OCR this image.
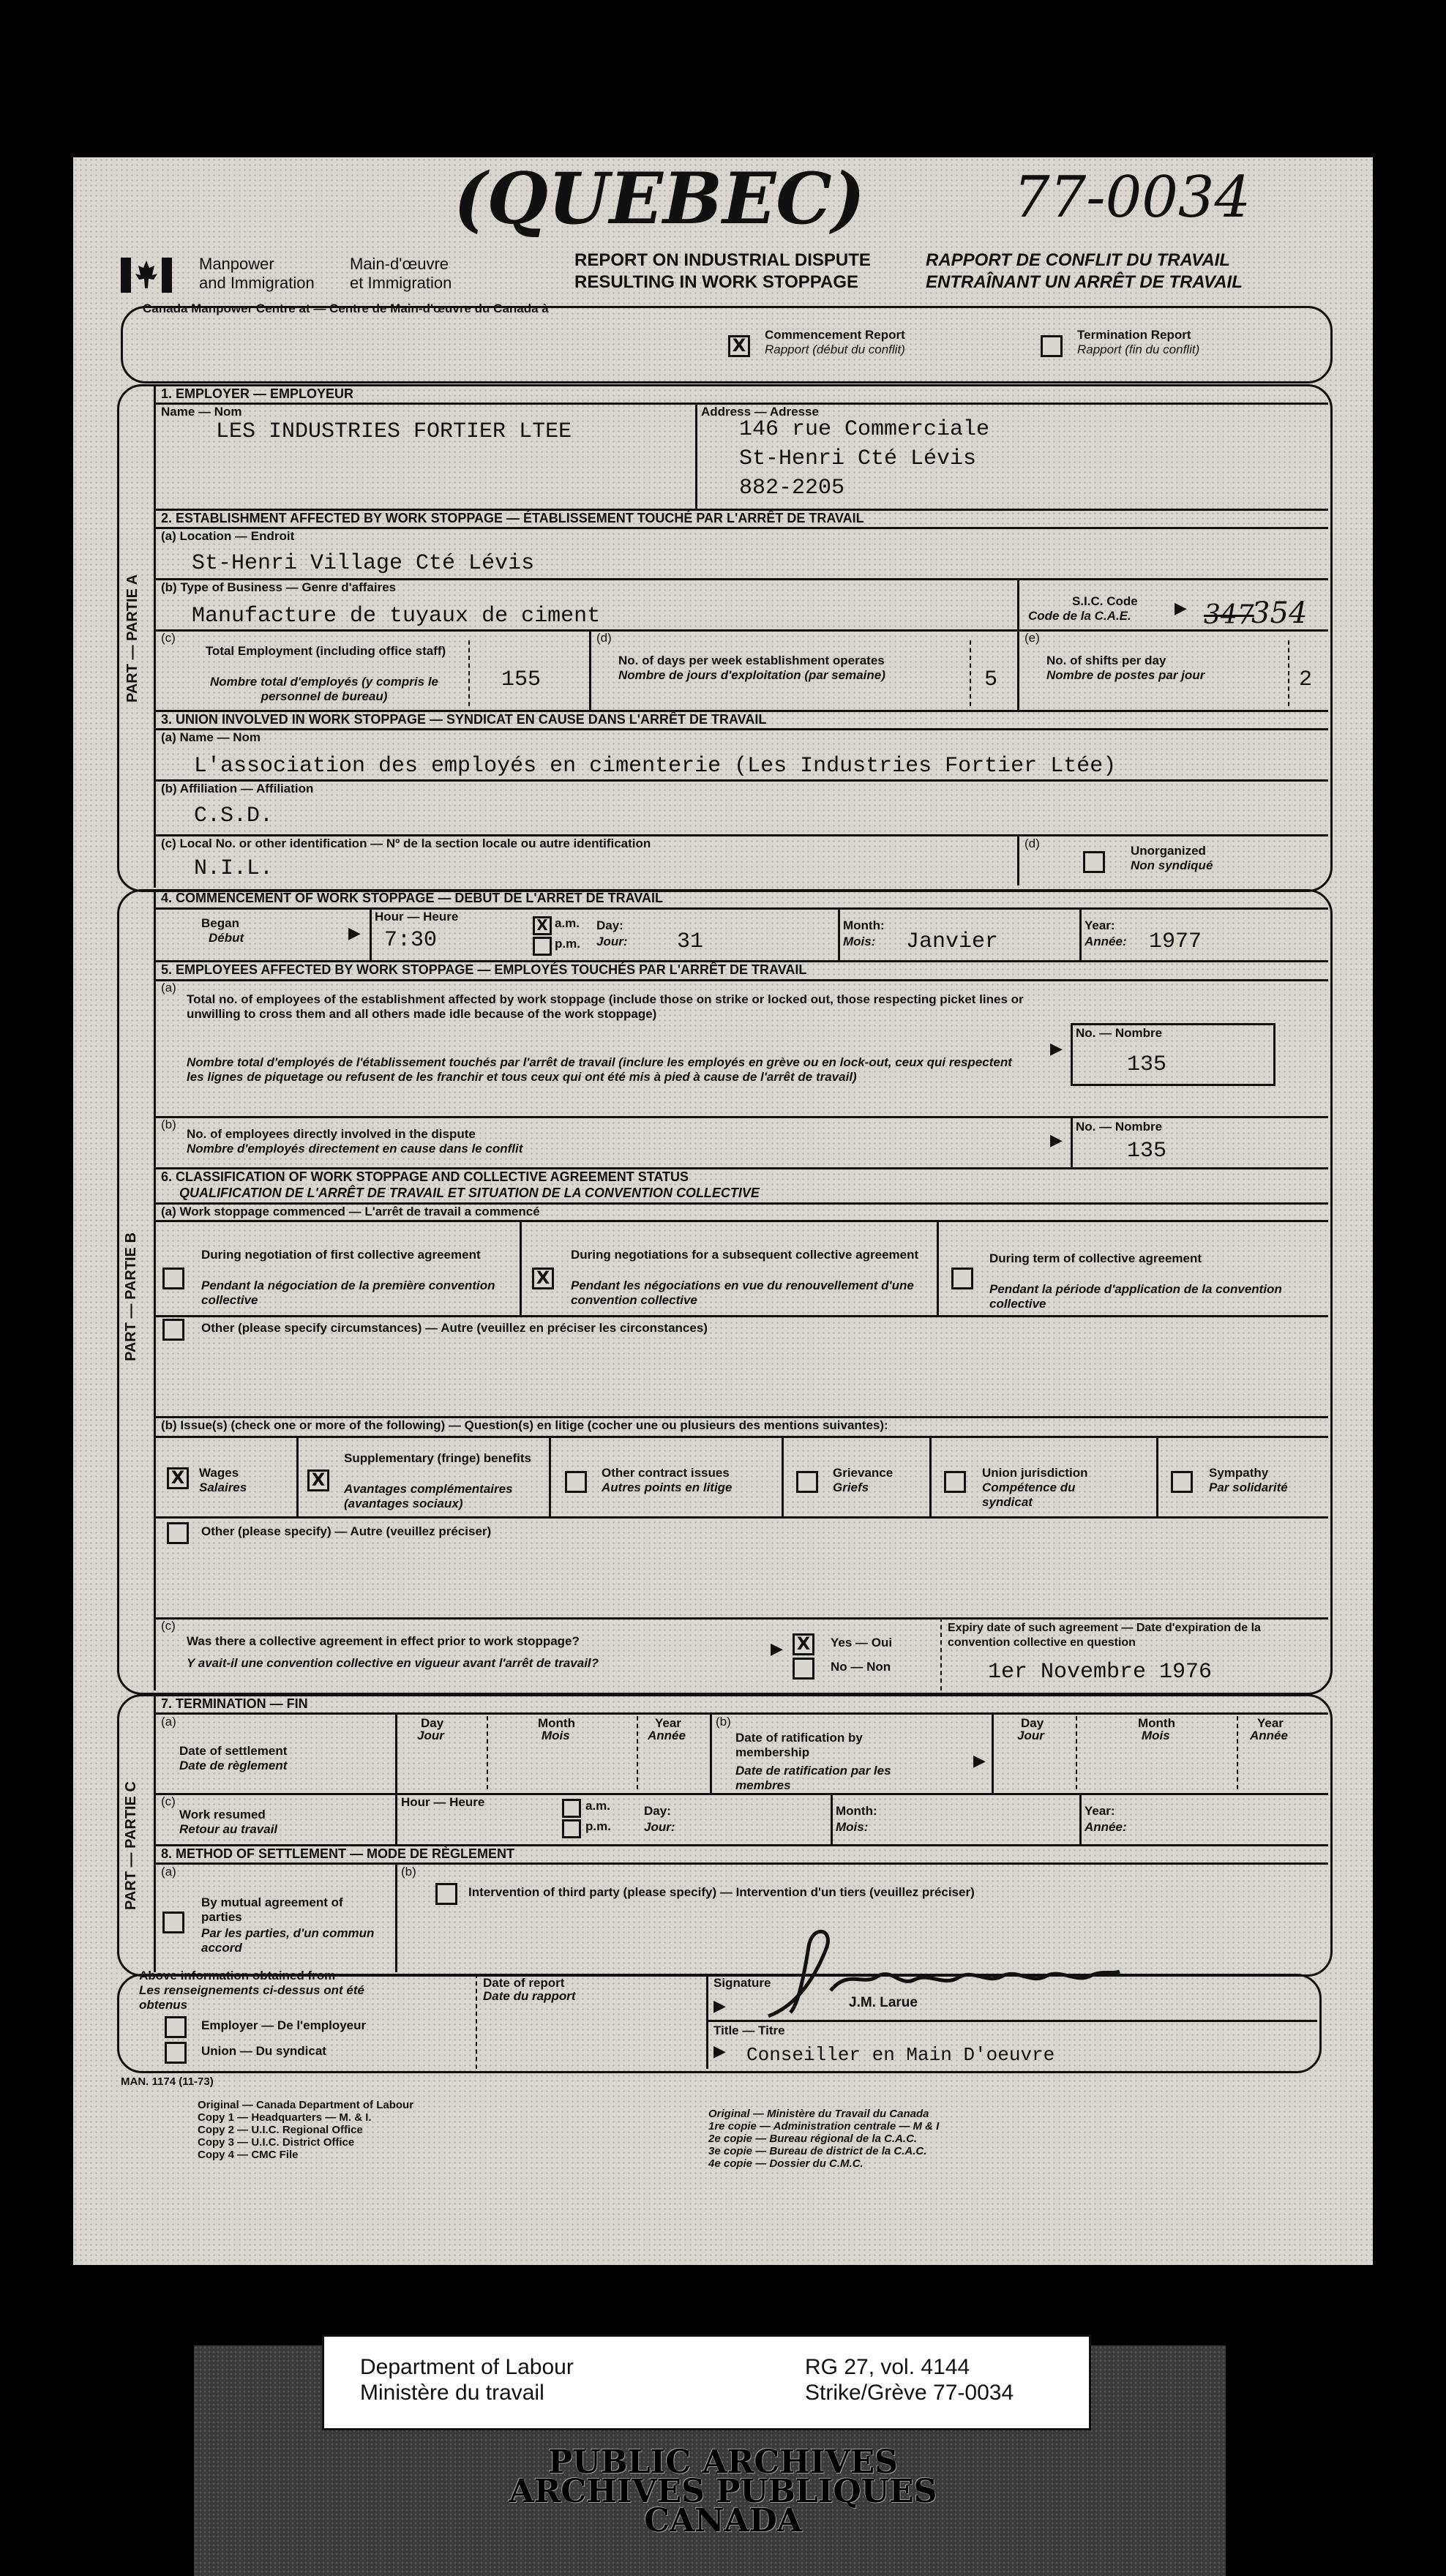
(QUEBEC)	77-0034
Manpower
and Immigration
Main-d'œuvre
et Immigration
REPORT ON INDUSTRIAL DISPUTE
RESULTING IN WORK STOPPAGE
RAPPORT DE CONFLIT DU TRAVAIL
ENTRAÎNANT UN ARRÊT DE TRAVAIL
Canada Manpower Centre at — Centre de Main-d'œuvre du Canada à
X
Commencement Report
Rapport (début du conflit)
Termination Report
Rapport (fin du conflit)
PART — PARTIE A
1. EMPLOYER — EMPLOYEUR
Name — Nom
LES INDUSTRIES FORTIER LTEE
Address — Adresse
146 rue Commerciale
St-Henri Cté Lévis
882-2205
2. ESTABLISHMENT AFFECTED BY WORK STOPPAGE — ÉTABLISSEMENT TOUCHÉ PAR L'ARRÊT DE TRAVAIL
(a) Location — Endroit
St-Henri Village Cté Lévis
(b) Type of Business — Genre d'affaires
Manufacture de tuyaux de ciment
S.I.C. Code
Code de la C.A.E.	▶ 347
354
(c)
Total Employment (including office staff)
Nombre total d'employés (y compris le personnel de bureau)
155
(d)
No. of days per week establishment operates
Nombre de jours d'exploitation (par semaine)	5
(e)
No. of shifts per day
Nombre de postes par jour	2
3. UNION INVOLVED IN WORK STOPPAGE — SYNDICAT EN CAUSE DANS L'ARRÊT DE TRAVAIL
(a) Name — Nom
L'association des employés en cimenterie (Les Industries Fortier Ltée)
(b) Affiliation — Affiliation
C.S.D.
(c) Local No. or other identification — Nº de la section locale ou autre identification
N.I.L.
(d)
Unorganized
Non syndiqué
PART — PARTIE B
4. COMMENCEMENT OF WORK STOPPAGE — DÉBUT DE L'ARRÊT DE TRAVAIL
Began
Début	▶
Hour — Heure
7:30
X a.m.
p.m.
Day:
Jour: 31
Month:
Mois: Janvier
Year:
Année: 1977
5. EMPLOYEES AFFECTED BY WORK STOPPAGE — EMPLOYÉS TOUCHÉS PAR L'ARRÊT DE TRAVAIL
(a)
Total no. of employees of the establishment affected by work stoppage (include those on strike or locked out, those respecting picket lines or unwilling to cross them and all others made idle because of the work stoppage)
Nombre total d'employés de l'établissement touchés par l'arrêt de travail (inclure les employés en grève ou en lock-out, ceux qui respectent les lignes de piquetage ou refusent de les franchir et tous ceux qui ont été mis à pied à cause de l'arrêt de travail)
▶
No. — Nombre
135
(b)
No. of employees directly involved in the dispute
Nombre d'employés directement en cause dans le conflit	▶
No. — Nombre
135
6. CLASSIFICATION OF WORK STOPPAGE AND COLLECTIVE AGREEMENT STATUS
QUALIFICATION DE L'ARRÊT DE TRAVAIL ET SITUATION DE LA CONVENTION COLLECTIVE
(a) Work stoppage commenced — L'arrêt de travail a commencé
During negotiation of first collective agreement
Pendant la négociation de la première convention collective
X
During negotiations for a subsequent collective agreement
Pendant les négociations en vue du renouvellement d'une convention collective
During term of collective agreement
Pendant la période d'application de la convention collective
Other (please specify circumstances) — Autre (veuillez en préciser les circonstances)
(b) Issue(s) (check one or more of the following) — Question(s) en litige (cocher une ou plusieurs des mentions suivantes):
X	Wages
Salaires	X
Supplementary (fringe) benefits
Avantages complémentaires (avantages sociaux)
Other contract issues
Autres points en litige
Grievance
Griefs
Union jurisdiction
Compétence du syndicat
Sympathy
Par solidarité
Other (please specify) — Autre (veuillez préciser)
(c)
Was there a collective agreement in effect prior to work stoppage?
Y avait-il une convention collective en vigueur avant l'arrêt de travail?
▶ X	Yes — Oui
No — Non
Expiry date of such agreement — Date d'expiration de la convention collective en question
1er Novembre 1976
PART — PARTIE C
7. TERMINATION — FIN
(a)
Date of settlement
Date de règlement
Day
Jour
Month
Mois
Year
Année
(b)
Date of ratification by membership
Date de ratification par les membres
▶
Day
Jour
Month
Mois
Year
Année
(c)
Work resumed
Retour au travail
Hour — Heure	a.m.
p.m.
Day:
Jour:
Month:
Mois:
Year:
Année:
8. METHOD OF SETTLEMENT — MODE DE RÈGLEMENT
(a)
By mutual agreement of parties
Par les parties, d'un commun accord
(b)
Intervention of third party (please specify) — Intervention d'un tiers (veuillez préciser)
Above information obtained from
Les renseignements ci-dessus ont été obtenus
Employer — De l'employeur
Union — Du syndicat
Date of report
Date du rapport
Signature
▶	J.M. Larue
Title — Titre
▶ Conseiller en Main D'oeuvre
MAN. 1174 (11-73)
Original — Canada Department of Labour
Copy 1 — Headquarters — M. & I.
Copy 2 — U.I.C. Regional Office
Copy 3 — U.I.C. District Office
Copy 4 — CMC File
Original — Ministère du Travail du Canada
1re copie — Administration centrale — M & I
2e copie — Bureau régional de la C.A.C.
3e copie — Bureau de district de la C.A.C.
4e copie — Dossier du C.M.C.
Department of Labour
Ministère du travail
RG 27, vol. 4144
Strike/Grève 77-0034
PUBLIC ARCHIVES
ARCHIVES PUBLIQUES
CANADA
